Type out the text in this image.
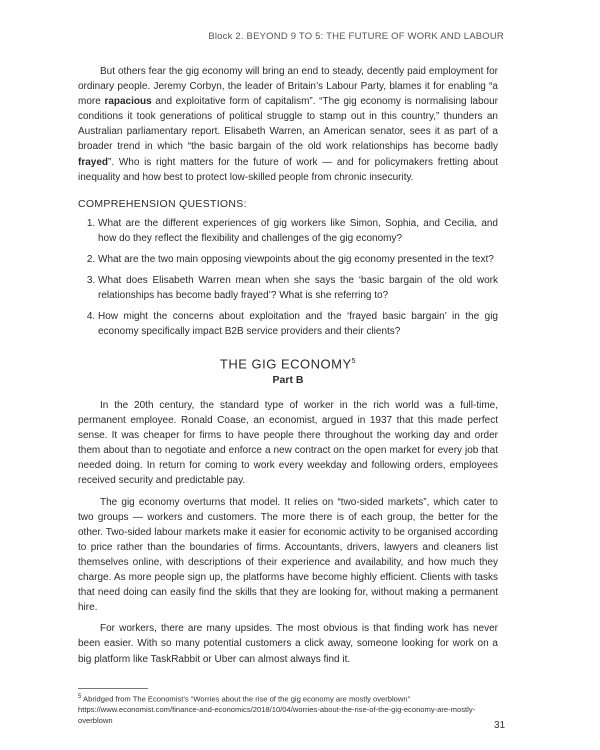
Block 2. BEYOND 9 TO 5: THE FUTURE OF WORK AND LABOUR

But others fear the gig economy will bring an end to steady, decently paid employment for ordinary people. Jeremy Corbyn, the leader of Britain’s Labour Party, blames it for enabling “a more rapacious and exploitative form of capitalism”. “The gig economy is normalising labour conditions it took generations of political struggle to stamp out in this country,” thunders an Australian parliamentary report. Elisabeth Warren, an American senator, sees it as part of a broader trend in which “the basic bargain of the old work relationships has become badly frayed”. Who is right matters for the future of work — and for policymakers fretting about inequality and how best to protect low-skilled people from chronic insecurity.

COMPREHENSION QUESTIONS:
1. What are the different experiences of gig workers like Simon, Sophia, and Cecilia, and how do they reflect the flexibility and challenges of the gig economy?
2. What are the two main opposing viewpoints about the gig economy presented in the text?
3. What does Elisabeth Warren mean when she says the ‘basic bargain of the old work relationships has become badly frayed’? What is she referring to?
4. How might the concerns about exploitation and the ‘frayed basic bargain’ in the gig economy specifically impact B2B service providers and their clients?
THE GIG ECONOMY$^5$
Part B

In the 20th century, the standard type of worker in the rich world was a full-time, permanent employee. Ronald Coase, an economist, argued in 1937 that this made perfect sense. It was cheaper for firms to have people there throughout the working day and order them about than to negotiate and enforce a new contract on the open market for every job that needed doing. In return for coming to work every weekday and following orders, employees received security and predictable pay.

The gig economy overturns that model. It relies on “two-sided markets”, which cater to two groups — workers and customers. The more there is of each group, the better for the other. Two-sided labour markets make it easier for economic activity to be organised according to price rather than the boundaries of firms. Accountants, drivers, lawyers and cleaners list themselves online, with descriptions of their experience and availability, and how much they charge. As more people sign up, the platforms have become highly efficient. Clients with tasks that need doing can easily find the skills that they are looking for, without making a permanent hire.

For workers, there are many upsides. The most obvious is that finding work has never been easier. With so many potential customers a click away, someone looking for work on a big platform like TaskRabbit or Uber can almost always find it.

$^5$ Abridged from The Economist’s “Worries about the rise of the gig economy are mostly overblown” https://www.economist.com/finance-and-economics/2018/10/04/worries-about-the-rise-of-the-gig-economy-are-mostly-overblown	31
